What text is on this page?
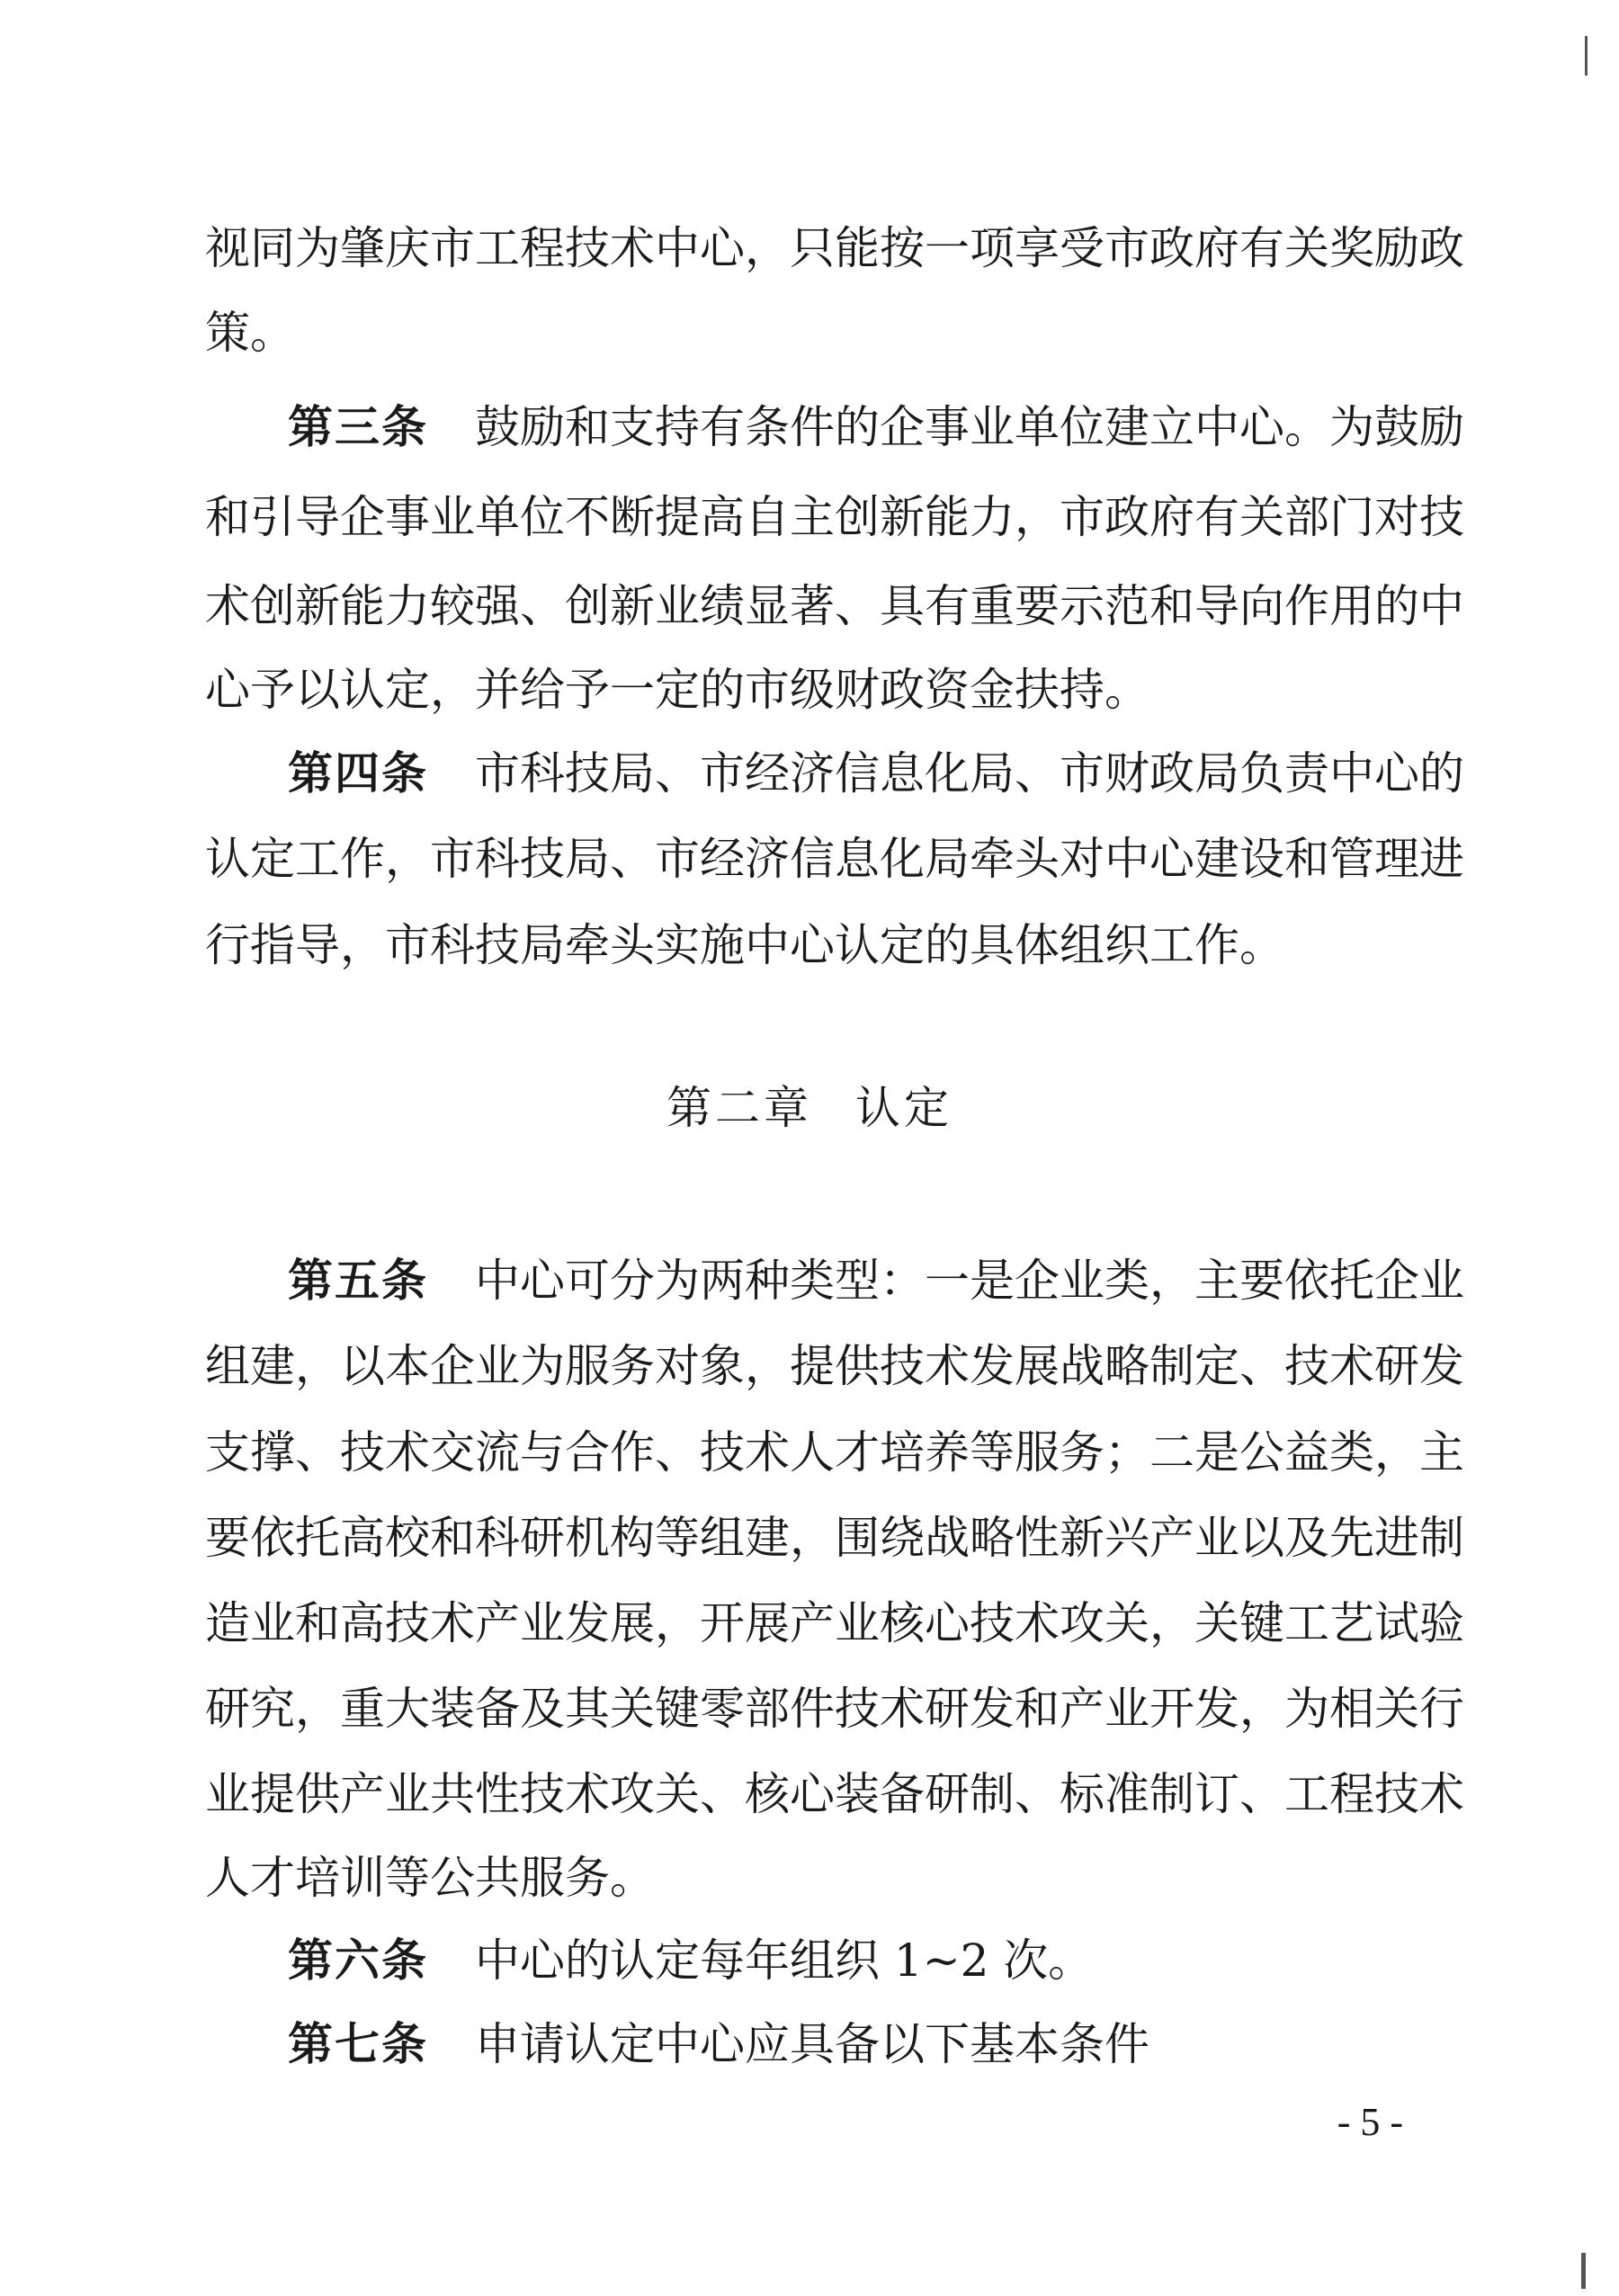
视同为肇庆市工程技术中心，只能按一项享受市政府有关奖励政
策。
第三条 鼓励和支持有条件的企事业单位建立中心。为鼓励
和引导企事业单位不断提高自主创新能力，市政府有关部门对技
术创新能力较强、创新业绩显著、具有重要示范和导向作用的中
心予以认定，并给予一定的市级财政资金扶持。
第四条 市科技局、市经济信息化局、市财政局负责中心的
认定工作，市科技局、市经济信息化局牵头对中心建设和管理进
行指导，市科技局牵头实施中心认定的具体组织工作。
第二章 认定
第五条 中心可分为两种类型：一是企业类，主要依托企业
组建，以本企业为服务对象，提供技术发展战略制定、技术研发
支撑、技术交流与合作、技术人才培养等服务；二是公益类，主
要依托高校和科研机构等组建，围绕战略性新兴产业以及先进制
造业和高技术产业发展，开展产业核心技术攻关，关键工艺试验
研究，重大装备及其关键零部件技术研发和产业开发，为相关行
业提供产业共性技术攻关、核心装备研制、标准制订、工程技术
人才培训等公共服务。
第六条 中心的认定每年组织 1~2 次。
第七条 申请认定中心应具备以下基本条件
- 5 -
